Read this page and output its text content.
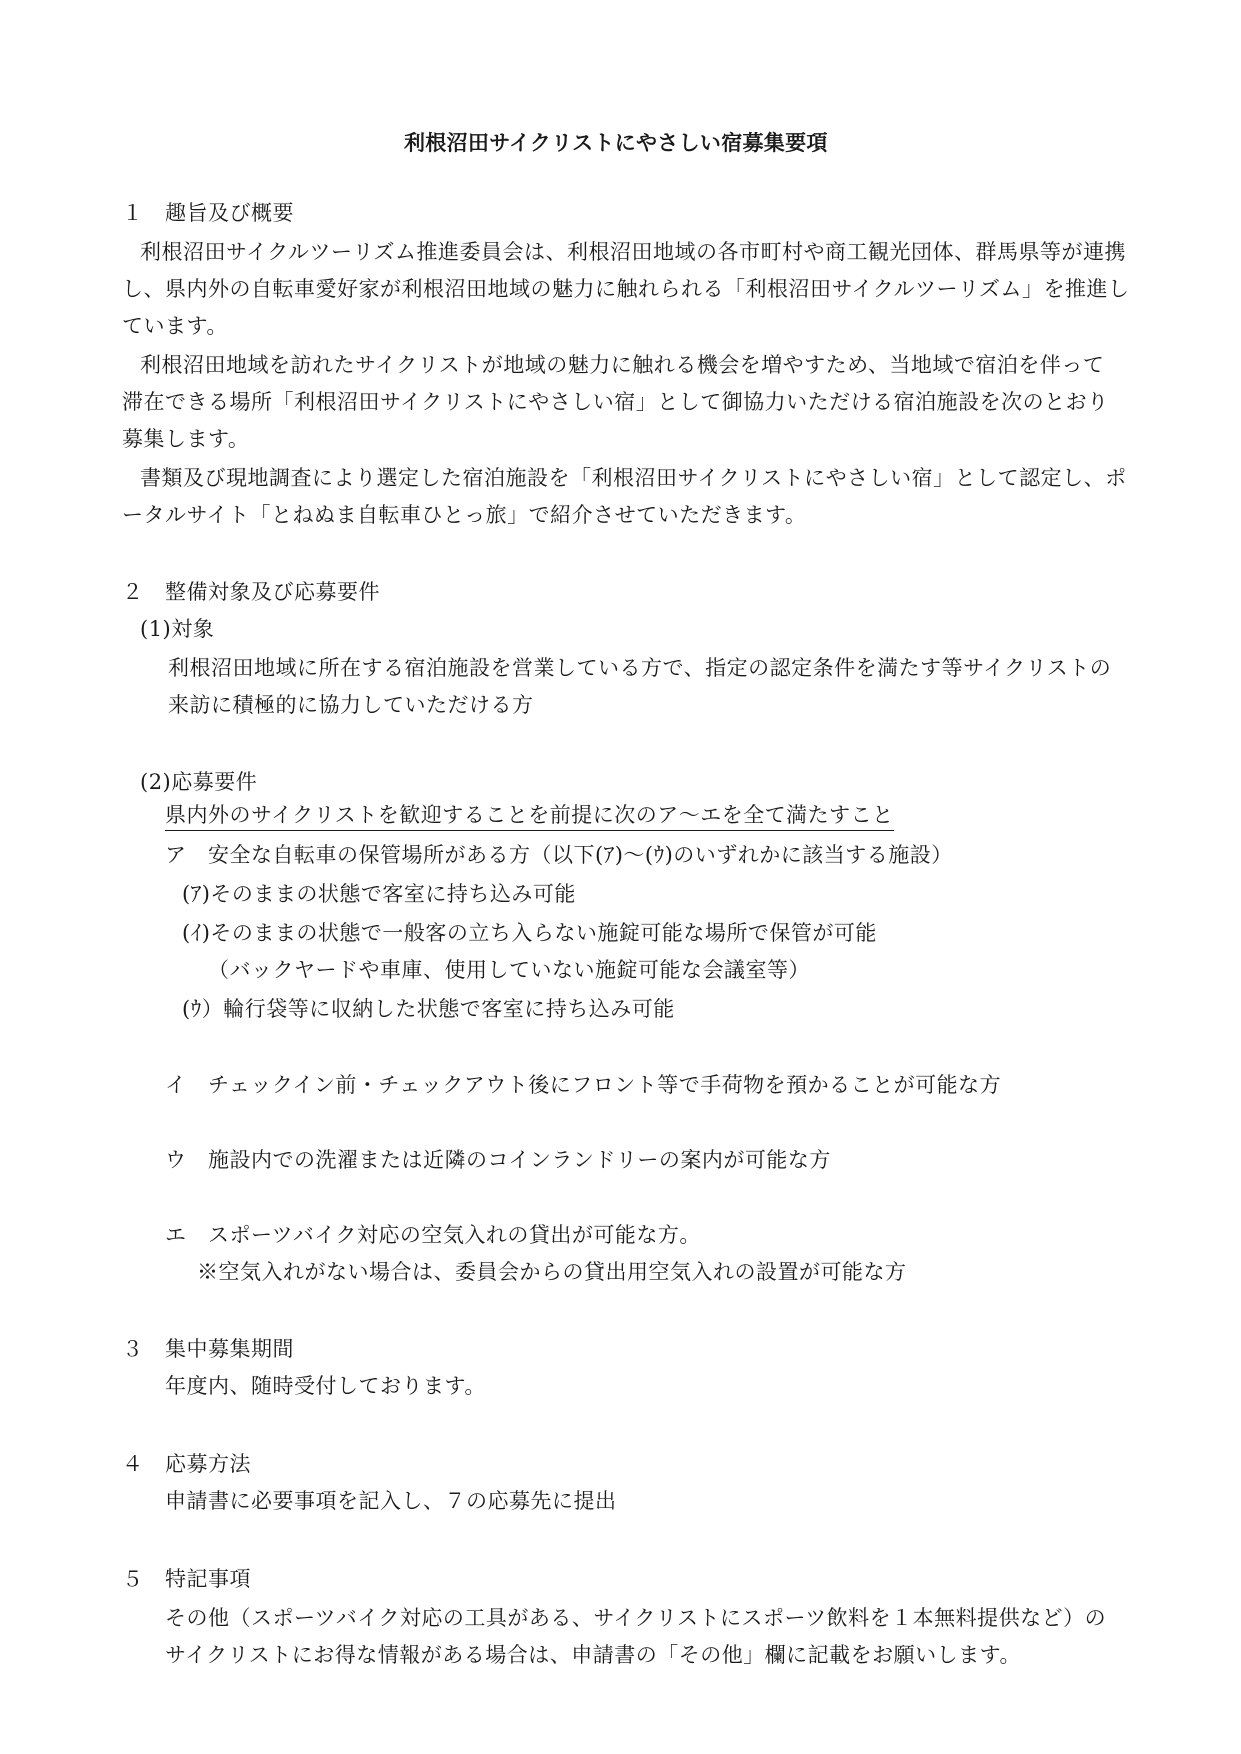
利根沼田サイクリストにやさしい宿募集要項
１　趣旨及び概要
利根沼田サイクルツーリズム推進委員会は、利根沼田地域の各市町村や商工観光団体、群馬県等が連携
し、県内外の自転車愛好家が利根沼田地域の魅力に触れられる「利根沼田サイクルツーリズム」を推進し
ています。
利根沼田地域を訪れたサイクリストが地域の魅力に触れる機会を増やすため、当地域で宿泊を伴って
滞在できる場所「利根沼田サイクリストにやさしい宿」として御協力いただける宿泊施設を次のとおり
募集します。
書類及び現地調査により選定した宿泊施設を「利根沼田サイクリストにやさしい宿」として認定し、ポ
ータルサイト「とねぬま自転車ひとっ旅」で紹介させていただきます。
２　整備対象及び応募要件
(1)対象
利根沼田地域に所在する宿泊施設を営業している方で、指定の認定条件を満たす等サイクリストの
来訪に積極的に協力していただける方
(2)応募要件
県内外のサイクリストを歓迎することを前提に次のア～エを全て満たすこと
ア　安全な自転車の保管場所がある方（以下(ｱ)～(ｳ)のいずれかに該当する施設）
(ｱ)そのままの状態で客室に持ち込み可能
(ｲ)そのままの状態で一般客の立ち入らない施錠可能な場所で保管が可能
（バックヤードや車庫、使用していない施錠可能な会議室等）
(ｳ）輪行袋等に収納した状態で客室に持ち込み可能
イ　チェックイン前・チェックアウト後にフロント等で手荷物を預かることが可能な方
ウ　施設内での洗濯または近隣のコインランドリーの案内が可能な方
エ　スポーツバイク対応の空気入れの貸出が可能な方。
※空気入れがない場合は、委員会からの貸出用空気入れの設置が可能な方
３　集中募集期間
年度内、随時受付しております。
４　応募方法
申請書に必要事項を記入し、７の応募先に提出
５　特記事項
その他（スポーツバイク対応の工具がある、サイクリストにスポーツ飲料を１本無料提供など）の
サイクリストにお得な情報がある場合は、申請書の「その他」欄に記載をお願いします。
